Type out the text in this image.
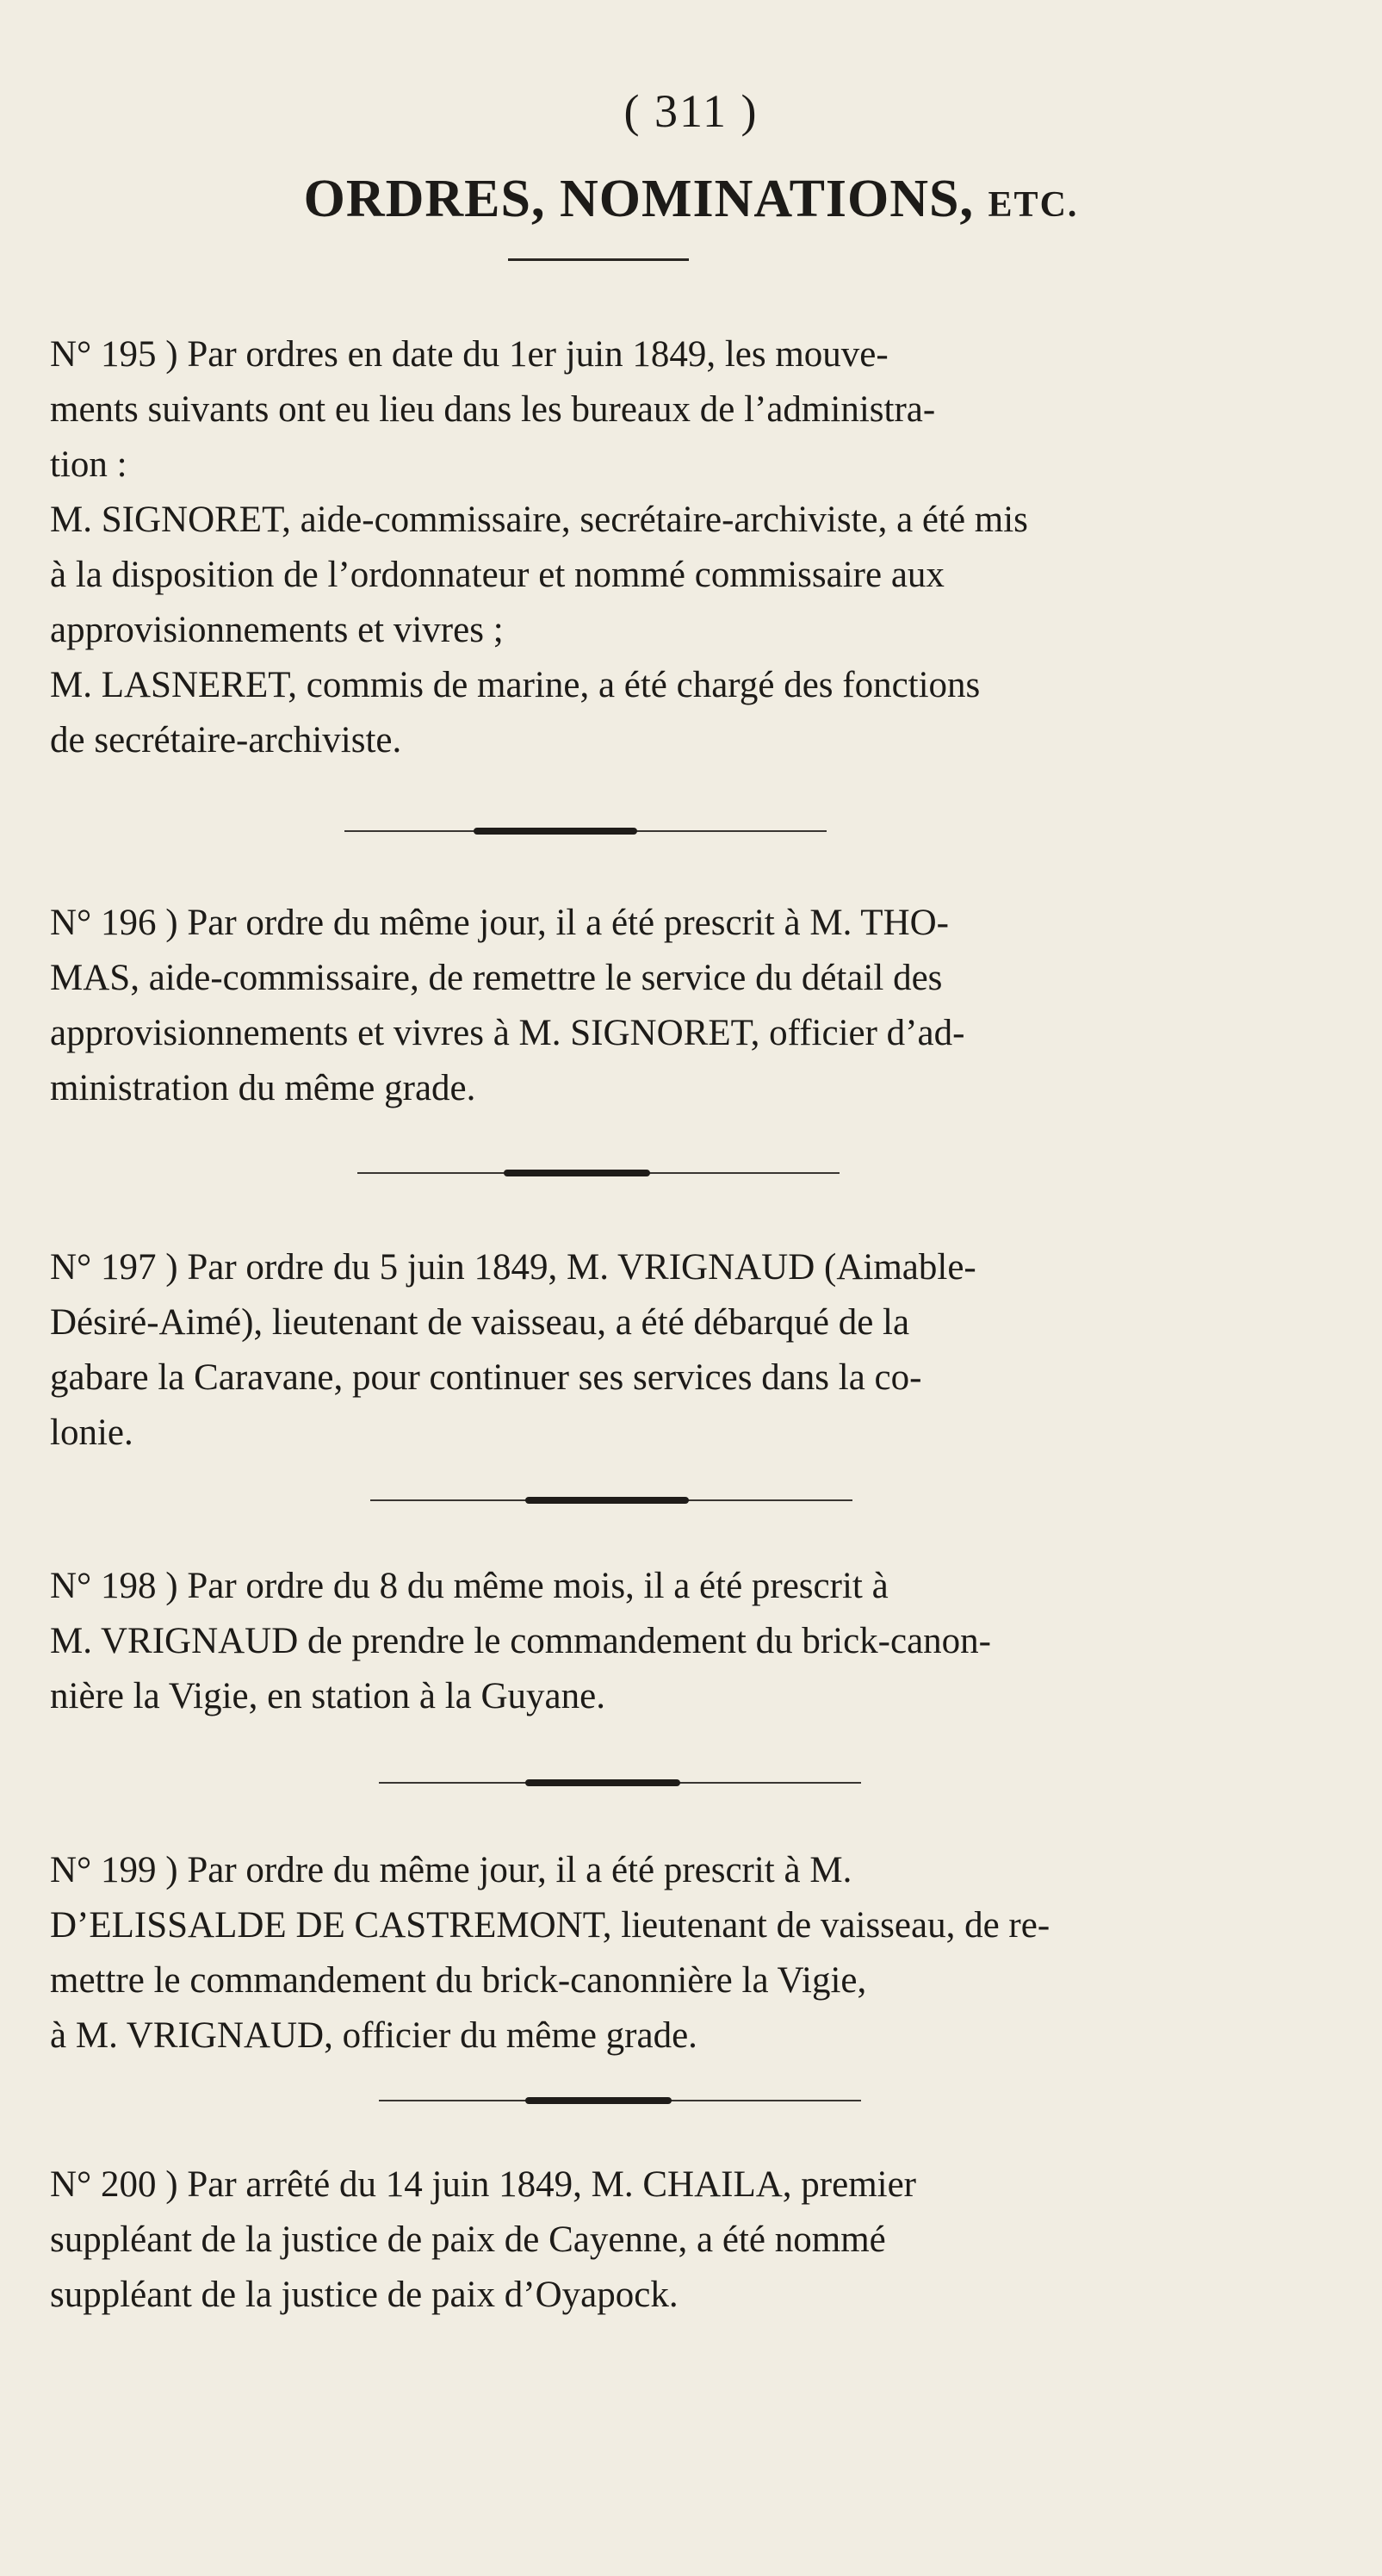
( 311 )
ORDRES, NOMINATIONS, ETC.
N° 195 ) Par ordres en date du 1er juin 1849, les mouve-
ments suivants ont eu lieu dans les bureaux de l’administra-
tion :
M. SIGNORET, aide-commissaire, secrétaire-archiviste, a été mis
à la disposition de l’ordonnateur et nommé commissaire aux
approvisionnements et vivres ;
M. LASNERET, commis de marine, a été chargé des fonctions
de secrétaire-archiviste.
N° 196 ) Par ordre du même jour, il a été prescrit à M. THO-
MAS, aide-commissaire, de remettre le service du détail des
approvisionnements et vivres à M. SIGNORET, officier d’ad-
ministration du même grade.
N° 197 ) Par ordre du 5 juin 1849, M. VRIGNAUD (Aimable-
Désiré-Aimé), lieutenant de vaisseau, a été débarqué de la
gabare la Caravane, pour continuer ses services dans la co-
lonie.
N° 198 ) Par ordre du 8 du même mois, il a été prescrit à
M. VRIGNAUD de prendre le commandement du brick-canon-
nière la Vigie, en station à la Guyane.
N° 199 ) Par ordre du même jour, il a été prescrit à M.
D’ELISSALDE DE CASTREMONT, lieutenant de vaisseau, de re-
mettre le commandement du brick-canonnière la Vigie,
à M. VRIGNAUD, officier du même grade.
N° 200 ) Par arrêté du 14 juin 1849, M. CHAILA, premier
suppléant de la justice de paix de Cayenne, a été nommé
suppléant de la justice de paix d’Oyapock.
